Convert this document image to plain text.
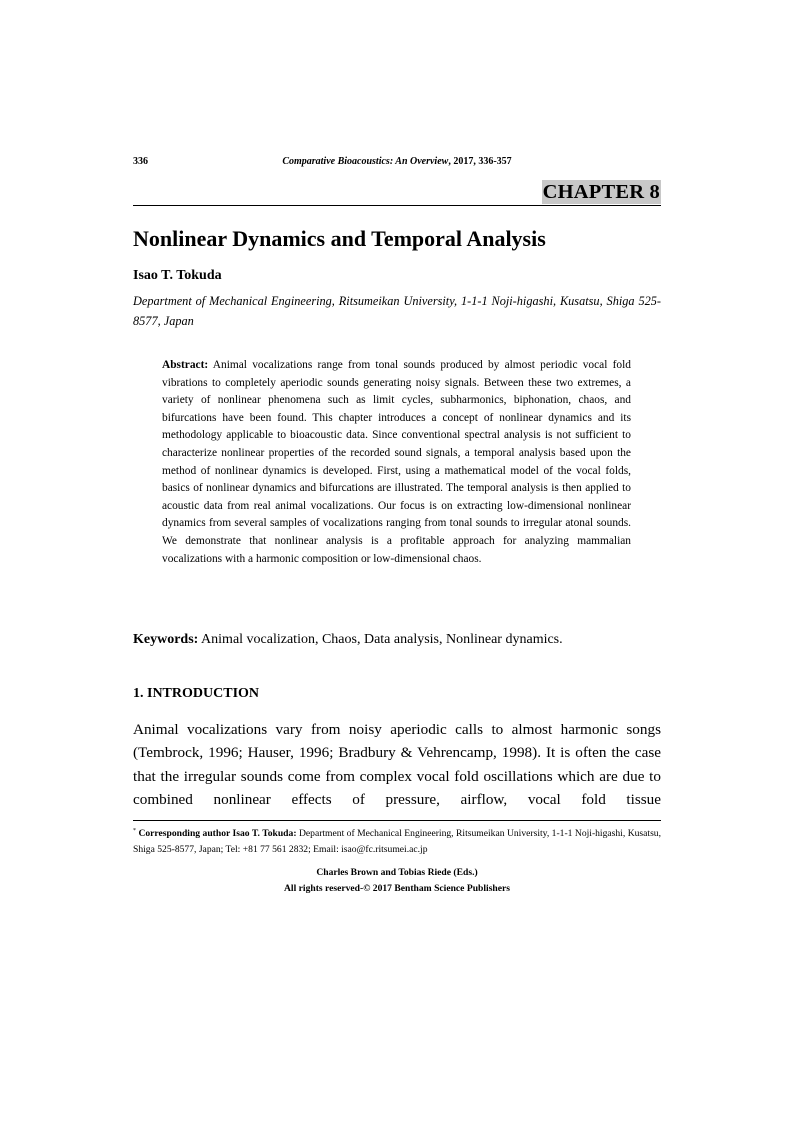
336	Comparative Bioacoustics: An Overview, 2017, 336-357
CHAPTER 8
Nonlinear Dynamics and Temporal Analysis
Isao T. Tokuda
Department of Mechanical Engineering, Ritsumeikan University, 1-1-1 Noji-higashi, Kusatsu, Shiga 525-8577, Japan
Abstract: Animal vocalizations range from tonal sounds produced by almost periodic vocal fold vibrations to completely aperiodic sounds generating noisy signals. Between these two extremes, a variety of nonlinear phenomena such as limit cycles, subharmonics, biphonation, chaos, and bifurcations have been found. This chapter introduces a concept of nonlinear dynamics and its methodology applicable to bioacoustic data. Since conventional spectral analysis is not sufficient to characterize nonlinear properties of the recorded sound signals, a temporal analysis based upon the method of nonlinear dynamics is developed. First, using a mathematical model of the vocal folds, basics of nonlinear dynamics and bifurcations are illustrated. The temporal analysis is then applied to acoustic data from real animal vocalizations. Our focus is on extracting low-dimensional nonlinear dynamics from several samples of vocalizations ranging from tonal sounds to irregular atonal sounds. We demonstrate that nonlinear analysis is a profitable approach for analyzing mammalian vocalizations with a harmonic composition or low-dimensional chaos.
Keywords: Animal vocalization, Chaos, Data analysis, Nonlinear dynamics.
1. INTRODUCTION
Animal vocalizations vary from noisy aperiodic calls to almost harmonic songs (Tembrock, 1996; Hauser, 1996; Bradbury & Vehrencamp, 1998). It is often the case that the irregular sounds come from complex vocal fold oscillations which are due to combined nonlinear effects of pressure, airflow, vocal fold tissue
* Corresponding author Isao T. Tokuda: Department of Mechanical Engineering, Ritsumeikan University, 1-1-1 Noji-higashi, Kusatsu, Shiga 525-8577, Japan; Tel: +81 77 561 2832; Email: isao@fc.ritsumei.ac.jp
Charles Brown and Tobias Riede (Eds.)
All rights reserved-© 2017 Bentham Science Publishers
